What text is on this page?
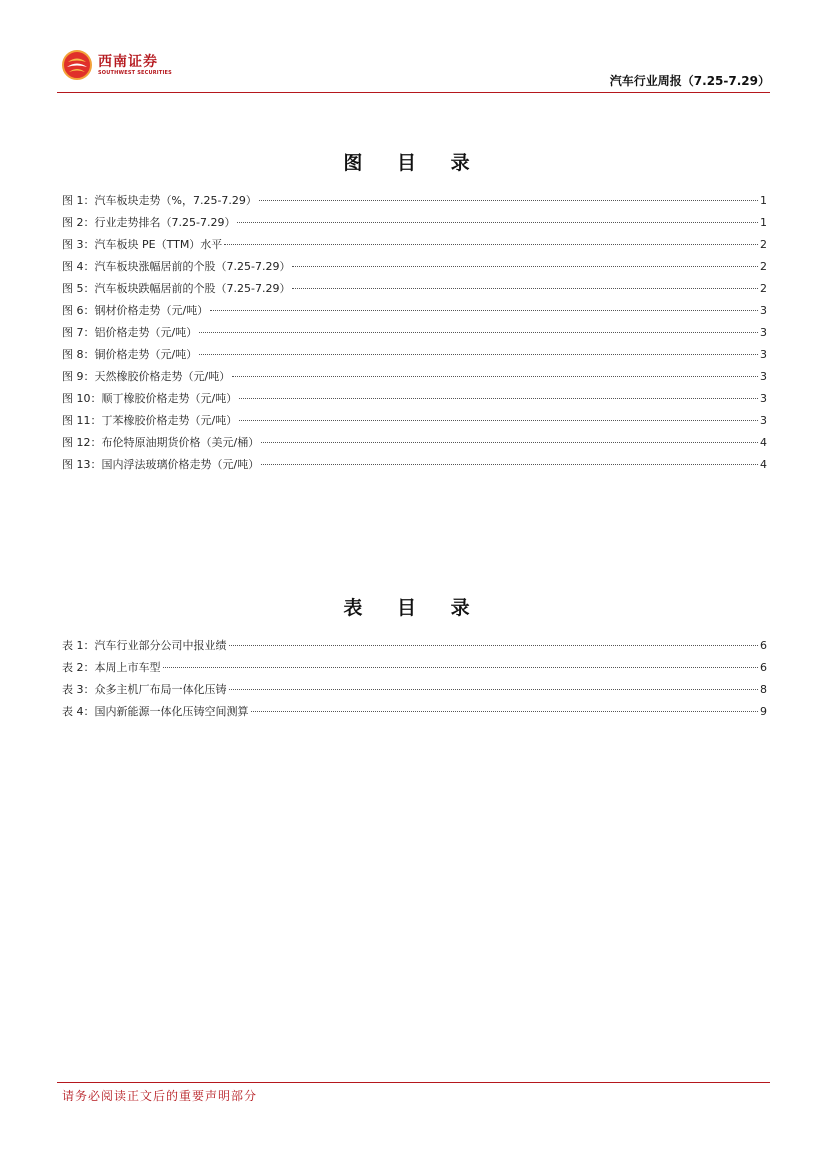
西南证券
SOUTHWEST SECURITIES
汽车行业周报（7.25-7.29）
图 目 录
图 1：汽车板块走势（%，7.25-7.29）	1
图 2：行业走势排名（7.25-7.29）	1
图 3：汽车板块 PE（TTM）水平	2
图 4：汽车板块涨幅居前的个股（7.25-7.29）	2
图 5：汽车板块跌幅居前的个股（7.25-7.29）	2
图 6：钢材价格走势（元/吨）	3
图 7：铝价格走势（元/吨）	3
图 8：铜价格走势（元/吨）	3
图 9：天然橡胶价格走势（元/吨）	3
图 10：顺丁橡胶价格走势（元/吨）	3
图 11：丁苯橡胶价格走势（元/吨）	3
图 12：布伦特原油期货价格（美元/桶）	4
图 13：国内浮法玻璃价格走势（元/吨）	4
表 目 录
表 1：汽车行业部分公司中报业绩	6
表 2：本周上市车型	6
表 3：众多主机厂布局一体化压铸	8
表 4：国内新能源一体化压铸空间测算	9
请务必阅读正文后的重要声明部分
